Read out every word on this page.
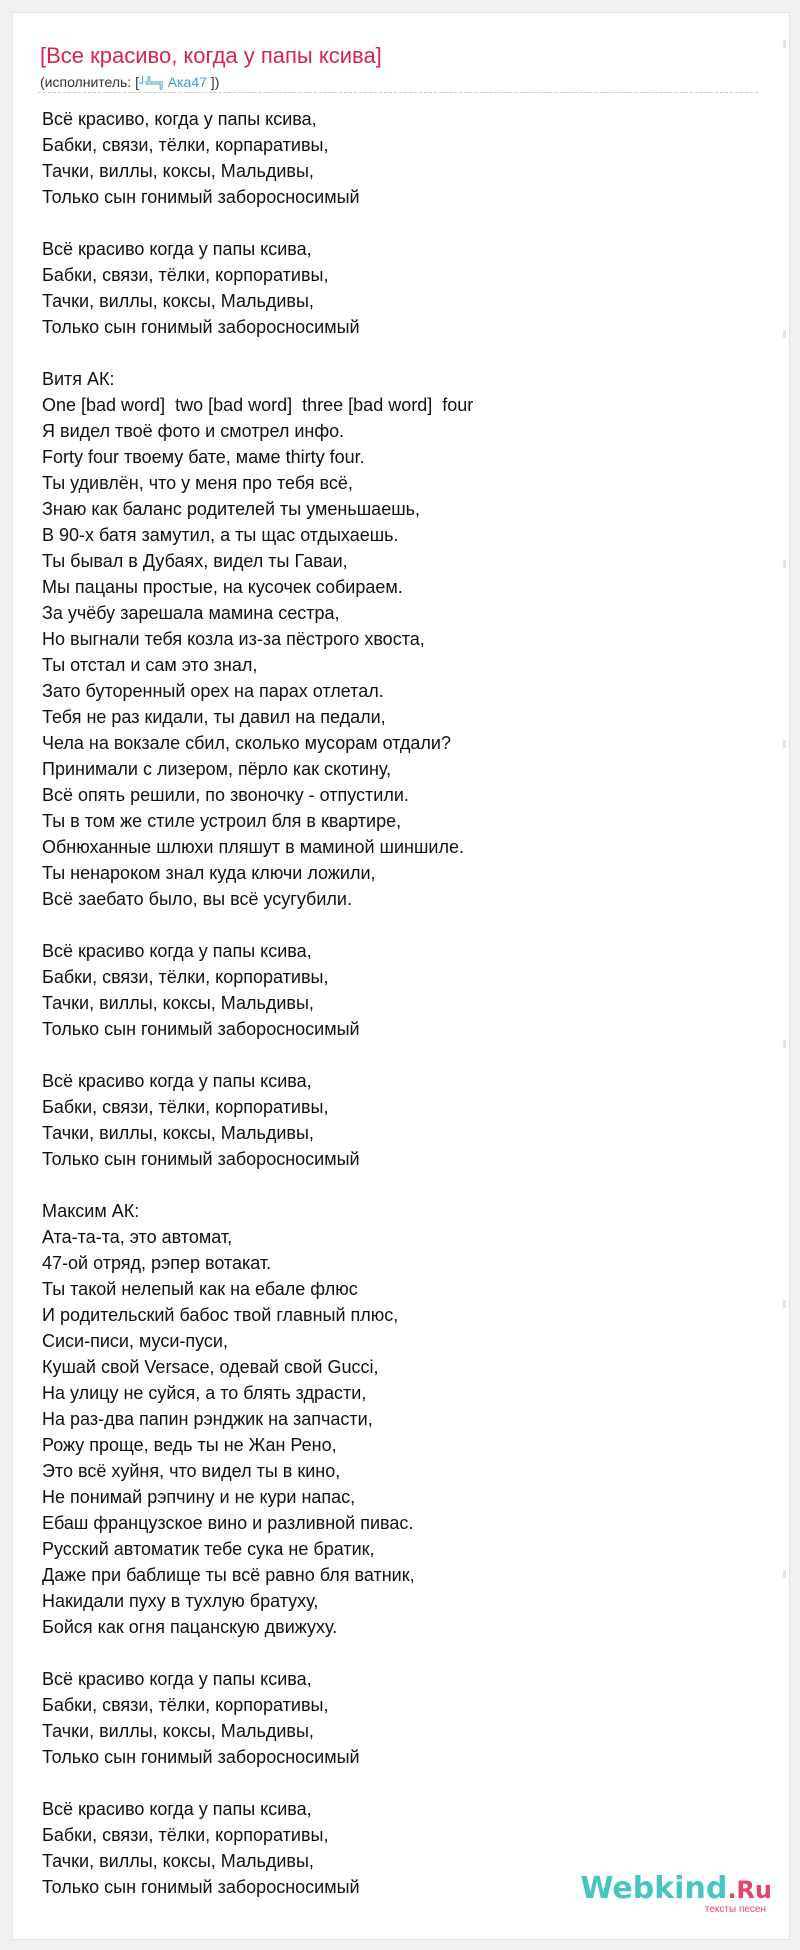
[Все красиво, когда у папы ксива]
(исполнитель: [┘╩═╗ Ака47 ])
Всё красиво, когда у папы ксива,
Бабки, связи, тёлки, корпаративы,
Тачки, виллы, коксы, Мальдивы,
Только сын гонимый заборосносимый
Всё красиво когда у папы ксива,
Бабки, связи, тёлки, корпоративы,
Тачки, виллы, коксы, Мальдивы,
Только сын гонимый заборосносимый
Витя АК:
One [bad word]  two [bad word]  three [bad word]  four
Я видел твоё фото и смотрел инфо.
Forty four твоему бате, маме thirty four.
Ты удивлён, что у меня про тебя всё,
Знаю как баланс родителей ты уменьшаешь,
В 90-х батя замутил, а ты щас отдыхаешь.
Ты бывал в Дубаях, видел ты Гаваи,
Мы пацаны простые, на кусочек собираем.
За учёбу зарешала мамина сестра,
Но выгнали тебя козла из-за пёстрого хвоста,
Ты отстал и сам это знал,
Зато буторенный орех на парах отлетал.
Тебя не раз кидали, ты давил на педали,
Чела на вокзале сбил, сколько мусорам отдали?
Принимали с лизером, пёрло как скотину,
Всё опять решили, по звоночку - отпустили.
Ты в том же стиле устроил бля в квартире,
Обнюханные шлюхи пляшут в маминой шиншиле.
Ты ненароком знал куда ключи ложили,
Всё заебато было, вы всё усугубили.
Всё красиво когда у папы ксива,
Бабки, связи, тёлки, корпоративы,
Тачки, виллы, коксы, Мальдивы,
Только сын гонимый заборосносимый
Всё красиво когда у папы ксива,
Бабки, связи, тёлки, корпоративы,
Тачки, виллы, коксы, Мальдивы,
Только сын гонимый заборосносимый
Максим АК:
Ата-та-та, это автомат,
47-ой отряд, рэпер вотакат.
Ты такой нелепый как на ебале флюс
И родительский бабос твой главный плюс,
Сиси-писи, муси-пуси,
Кушай свой Versace, одевай свой Gucci,
На улицу не суйся, а то блять здрасти,
На раз-два папин рэнджик на запчасти,
Рожу проще, ведь ты не Жан Рено,
Это всё хуйня, что видел ты в кино,
Не понимай рэпчину и не кури напас,
Ебаш французское вино и разливной пивас.
Русский автоматик тебе сука не братик,
Даже при баблище ты всё равно бля ватник,
Накидали пуху в тухлую братуху,
Бойся как огня пацанскую движуху.
Всё красиво когда у папы ксива,
Бабки, связи, тёлки, корпоративы,
Тачки, виллы, коксы, Мальдивы,
Только сын гонимый заборосносимый
Всё красиво когда у папы ксива,
Бабки, связи, тёлки, корпоративы,
Тачки, виллы, коксы, Мальдивы,
Только сын гонимый заборосносимый	Webkind.Ru
тексты песен
